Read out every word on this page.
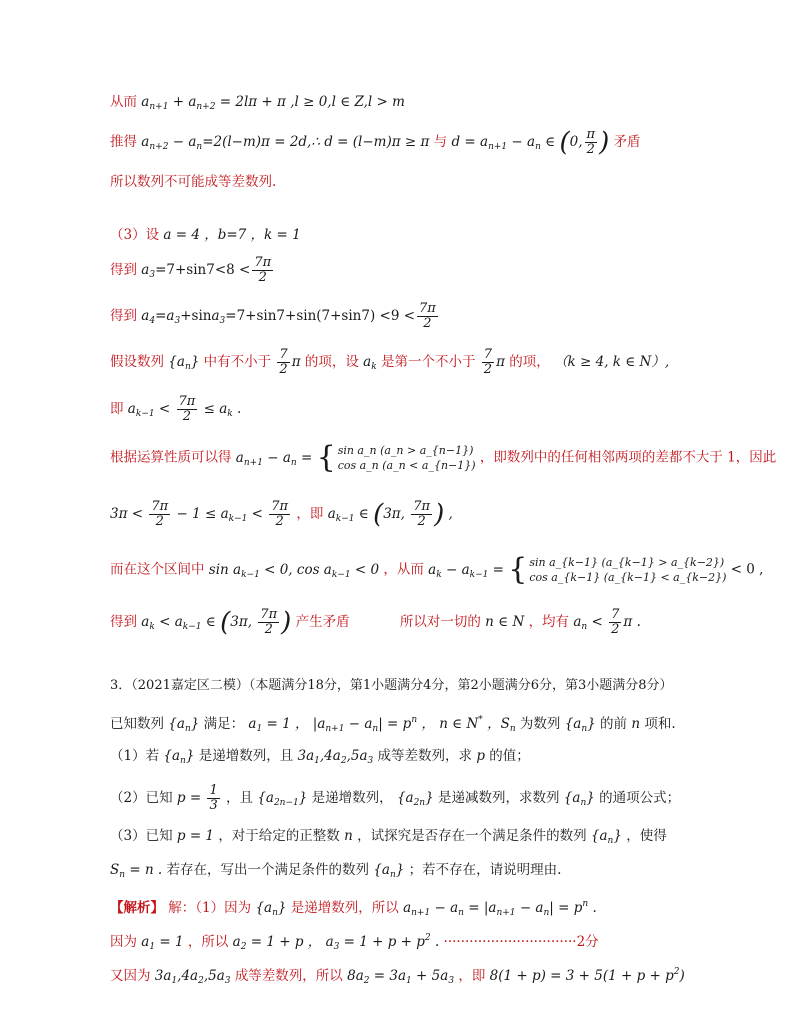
从而 $a_{n+1} + a_{n+2} = 2l\pi + \pi$ ,l ≥ 0,l ∈ Z,l > m
推得 $a_{n+2} - a_n=2(l-m)\pi$ = 2d,∴ d = (l−m)π ≥ π 与 $d = a_{n+1} - a_n$ ∈ (0, $\frac{\pi}{2}$ ) 矛盾
所以数列不可能成等差数列.
（3）设 a = 4 ，b=7 ，k = 1
得到 $a_3=7+\sin 7<8 < \frac{7\pi}{2}$
得到 $a_4=a_3+\sin a_3=7+\sin 7+\sin(7+\sin 7) <9 < \frac{7\pi}{2}$
假设数列 $\{a_n\}$ 中有不小于 $\frac{7}{2}$ π 的项，设 $a_k$ 是第一个不小于 $\frac{7}{2}$ π 的项， （k ≥ 4, k ∈ N）,
即 $a_{k-1} < \frac{7\pi}{2} \le a_k$ .
根据运算性质可以得 $a_{n+1} - a_n$ = { sin a_n (a_n > a_{n−1})
cos a_n (a_n < a_{n−1}) ，即数列中的任何相邻两项的差都不大于 1，因此
$3\pi < \frac{7\pi}{2} - 1 \le a_{k-1} < \frac{7\pi}{2}$ ，即 $a_{k-1}$ ∈ (3π, $\frac{7\pi}{2}$ ) ,
而在这个区间中 $\sin a_{k-1} < 0$, $\cos a_{k-1} < 0$ ，从而 $a_k - a_{k-1}$ = { sin a_{k−1} (a_{k−1} > a_{k−2})
cos a_{k−1} (a_{k−1} < a_{k−2}) < 0 ,
得到 $a_k < a_{k-1}$ ∈ (3π, $\frac{7\pi}{2}$ ) 产生矛盾	所以对一切的 n ∈ N ，均有 $a_n < \frac{7}{2}$ π .
3．（2021嘉定区二模）（本题满分18分，第1小题满分4分，第2小题满分6分，第3小题满分8分）
已知数列 $\{a_n\}$ 满足： $a_1 = 1$ ， $|a_{n+1} - a_n| = p^n$ ， n ∈ N* ，$S_n$ 为数列 $\{a_n\}$ 的前 n 项和.
（1）若 $\{a_n\}$ 是递增数列，且 $3a_1,4a_2,5a_3$ 成等差数列，求 p 的值；
（2）已知 $p = \frac{1}{3}$ ，且 $\{a_{2n-1}\}$ 是递增数列， $\{a_{2n}\}$ 是递减数列，求数列 $\{a_n\}$ 的通项公式；
（3）已知 p = 1 ，对于给定的正整数 n ，试探究是否存在一个满足条件的数列 $\{a_n\}$ ，使得
$S_n = n$ . 若存在，写出一个满足条件的数列 $\{a_n\}$ ；若不存在，请说明理由.
【解析】 解：（1）因为 $\{a_n\}$ 是递增数列，所以 $a_{n+1} - a_n = |a_{n+1} - a_n| = p^n$ .
因为 $a_1 = 1$ ，所以 $a_2 = 1 + p$ ， $a_3 = 1 + p + p^2$ . ·······························2分
又因为 $3a_1,4a_2,5a_3$ 成等差数列，所以 $8a_2 = 3a_1 + 5a_3$ ，即 $8(1 + p) = 3 + 5(1 + p + p^2)$
